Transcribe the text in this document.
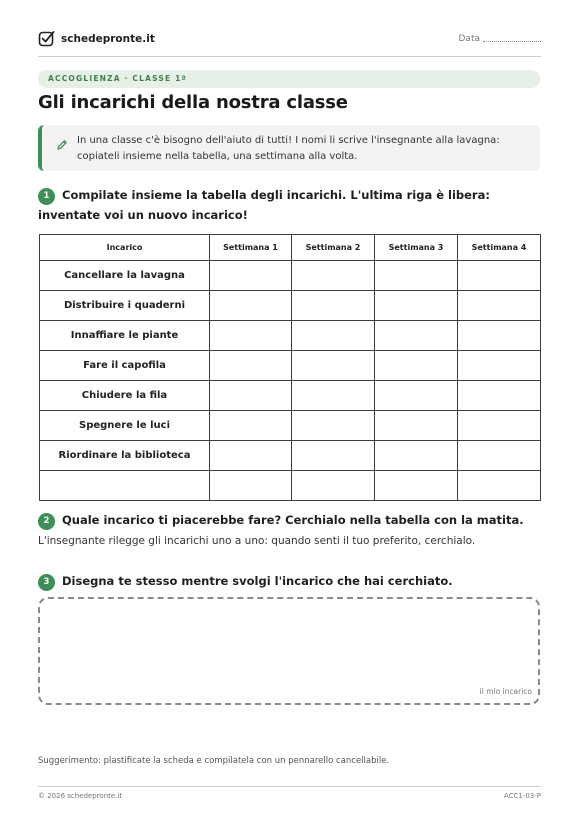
schedepronte.it	Data
ACCOGLIENZA · CLASSE 1ª
Gli incarichi della nostra classe

In una classe c'è bisogno dell'aiuto di tutti! I nomi li scrive l'insegnante alla lavagna: copiateli insieme nella tabella, una settimana alla volta.

1 Compilate insieme la tabella degli incarichi. L'ultima riga è libera: inventate voi un nuovo incarico!
Incarico	Settimana 1	Settimana 2	Settimana 3	Settimana 4
Cancellare la lavagna				
Distribuire i quaderni				
Innaffiare le piante				
Fare il capofila				
Chiudere la fila				
Spegnere le luci				
Riordinare la biblioteca				

2 Quale incarico ti piacerebbe fare? Cerchialo nella tabella con la matita.
L'insegnante rilegge gli incarichi uno a uno: quando senti il tuo preferito, cerchialo.
3 Disegna te stesso mentre svolgi l'incarico che hai cerchiato.
il mio incarico
Suggerimento: plastificate la scheda e compilatela con un pennarello cancellabile.
© 2026 schedepronte.it	ACC1-03-P
